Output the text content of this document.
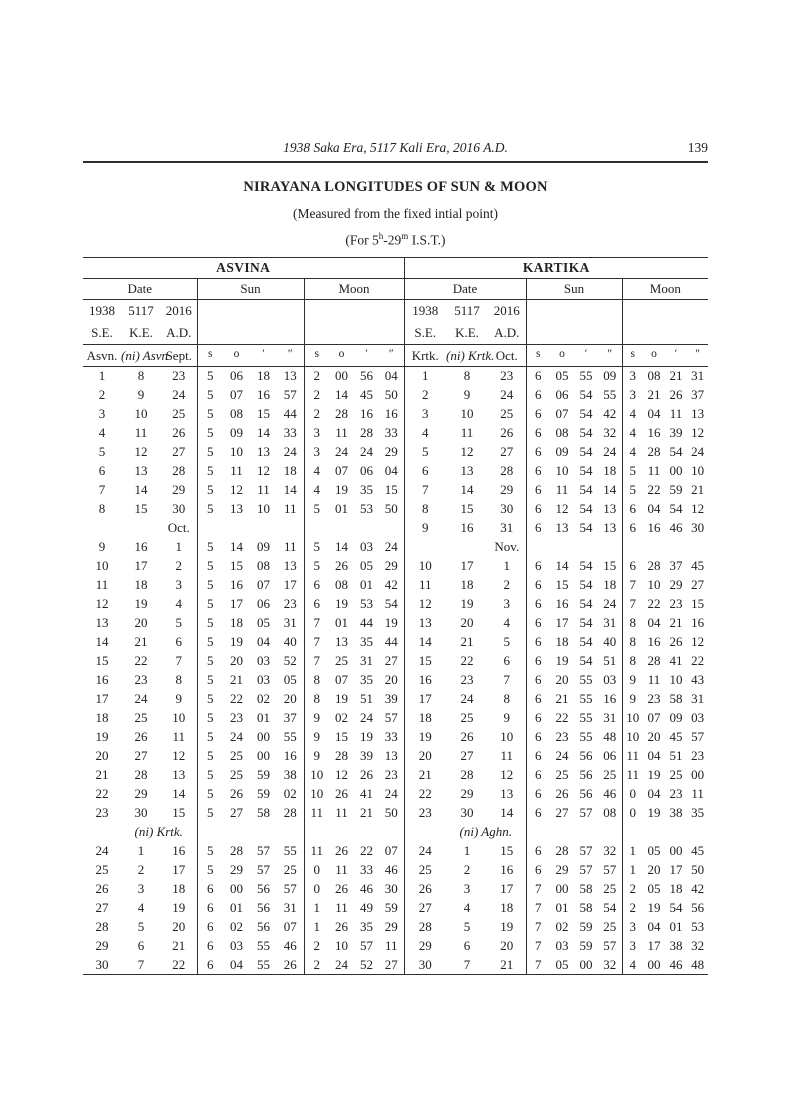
1938 Saka Era, 5117 Kali Era, 2016 A.D.	139
NIRAYANA LONGITUDES OF SUN & MOON
(Measured from the fixed intial point)
(For 5$^h$-29$^m$ I.S.T.)
ASVINA											KARTIKA										
Date			Sun				Moon				Date			Sun				Moon			
1938	5117	2016									1938	5117	2016								
S.E.	K.E.	A.D.									S.E.	K.E.	A.D.								
Asvn.	(ni) Asvn	Sept.	s	o	′	″	s	o	′	″	Krtk.	(ni) Krtk.	Oct.	s	o	′	″	s	o	′	″
1	8	23	5	06	18	13	2	00	56	04	1	8	23	6	05	55	09	3	08	21	31
2	9	24	5	07	16	57	2	14	45	50	2	9	24	6	06	54	55	3	21	26	37
3	10	25	5	08	15	44	2	28	16	16	3	10	25	6	07	54	42	4	04	11	13
4	11	26	5	09	14	33	3	11	28	33	4	11	26	6	08	54	32	4	16	39	12
5	12	27	5	10	13	24	3	24	24	29	5	12	27	6	09	54	24	4	28	54	24
6	13	28	5	11	12	18	4	07	06	04	6	13	28	6	10	54	18	5	11	00	10
7	14	29	5	12	11	14	4	19	35	15	7	14	29	6	11	54	14	5	22	59	21
8	15	30	5	13	10	11	5	01	53	50	8	15	30	6	12	54	13	6	04	54	12
		Oct.									9	16	31	6	13	54	13	6	16	46	30
9	16	1	5	14	09	11	5	14	03	24			Nov.								
10	17	2	5	15	08	13	5	26	05	29	10	17	1	6	14	54	15	6	28	37	45
11	18	3	5	16	07	17	6	08	01	42	11	18	2	6	15	54	18	7	10	29	27
12	19	4	5	17	06	23	6	19	53	54	12	19	3	6	16	54	24	7	22	23	15
13	20	5	5	18	05	31	7	01	44	19	13	20	4	6	17	54	31	8	04	21	16
14	21	6	5	19	04	40	7	13	35	44	14	21	5	6	18	54	40	8	16	26	12
15	22	7	5	20	03	52	7	25	31	27	15	22	6	6	19	54	51	8	28	41	22
16	23	8	5	21	03	05	8	07	35	20	16	23	7	6	20	55	03	9	11	10	43
17	24	9	5	22	02	20	8	19	51	39	17	24	8	6	21	55	16	9	23	58	31
18	25	10	5	23	01	37	9	02	24	57	18	25	9	6	22	55	31	10	07	09	03
19	26	11	5	24	00	55	9	15	19	33	19	26	10	6	23	55	48	10	20	45	57
20	27	12	5	25	00	16	9	28	39	13	20	27	11	6	24	56	06	11	04	51	23
21	28	13	5	25	59	38	10	12	26	23	21	28	12	6	25	56	25	11	19	25	00
22	29	14	5	26	59	02	10	26	41	24	22	29	13	6	26	56	46	0	04	23	11
23	30	15	5	27	58	28	11	11	21	50	23	30	14	6	27	57	08	0	19	38	35
	(ni) Krtk.											(ni) Aghn.									
24	1	16	5	28	57	55	11	26	22	07	24	1	15	6	28	57	32	1	05	00	45
25	2	17	5	29	57	25	0	11	33	46	25	2	16	6	29	57	57	1	20	17	50
26	3	18	6	00	56	57	0	26	46	30	26	3	17	7	00	58	25	2	05	18	42
27	4	19	6	01	56	31	1	11	49	59	27	4	18	7	01	58	54	2	19	54	56
28	5	20	6	02	56	07	1	26	35	29	28	5	19	7	02	59	25	3	04	01	53
29	6	21	6	03	55	46	2	10	57	11	29	6	20	7	03	59	57	3	17	38	32
30	7	22	6	04	55	26	2	24	52	27	30	7	21	7	05	00	32	4	00	46	48
